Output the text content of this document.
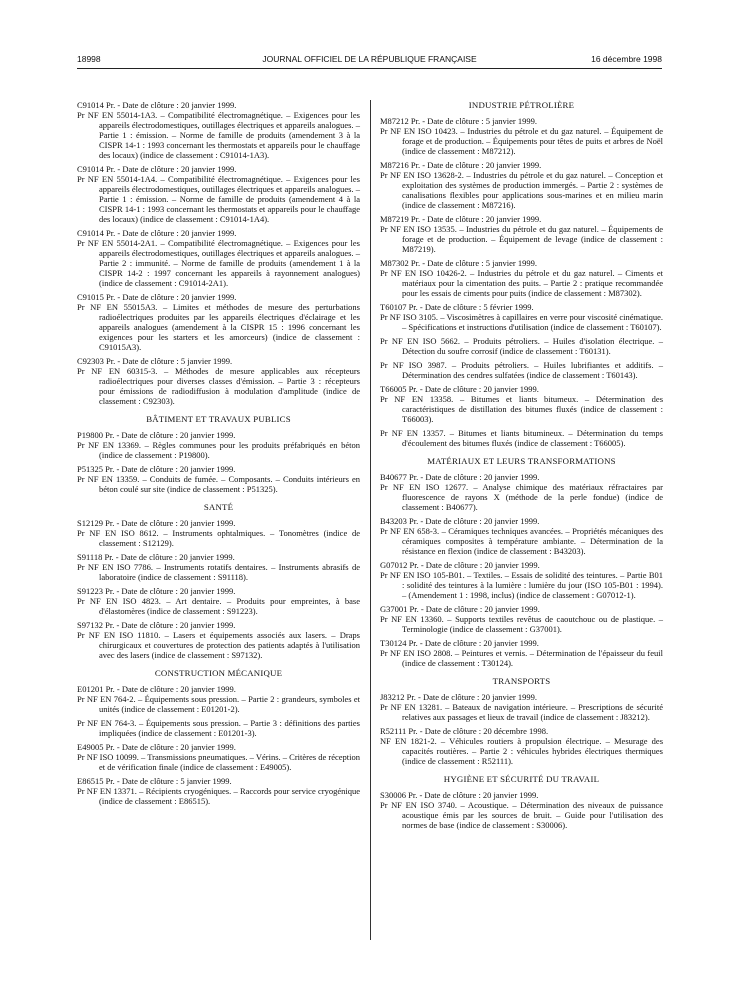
18998	JOURNAL OFFICIEL DE LA RÉPUBLIQUE FRANÇAISE	16 décembre 1998
C91014 Pr. - Date de clôture : 20 janvier 1999.
Pr NF EN 55014-1A3. – Compatibilité électromagnétique. – Exigences pour les appareils électrodomestiques, outillages électriques et appareils analogues. – Partie 1 : émission. – Norme de famille de produits (amendement 3 à la CISPR 14-1 : 1993 concernant les thermostats et appareils pour le chauffage des locaux) (indice de classement : C91014-1A3).
C91014 Pr. - Date de clôture : 20 janvier 1999.
Pr NF EN 55014-1A4. – Compatibilité électromagnétique. – Exigences pour les appareils électrodomestiques, outillages électriques et appareils analogues. – Partie 1 : émission. – Norme de famille de produits (amendement 4 à la CISPR 14-1 : 1993 concernant les thermostats et appareils pour le chauffage des locaux) (indice de classement : C91014-1A4).
C91014 Pr. - Date de clôture : 20 janvier 1999.
Pr NF EN 55014-2A1. – Compatibilité électromagnétique. – Exigences pour les appareils électrodomestiques, outillages électriques et appareils analogues. – Partie 2 : immunité. – Norme de famille de produits (amendement 1 à la CISPR 14-2 : 1997 concernant les appareils à rayonnement analogues) (indice de classement : C91014-2A1).
C91015 Pr. - Date de clôture : 20 janvier 1999.
Pr NF EN 55015A3. – Limites et méthodes de mesure des perturbations radioélectriques produites par les appareils électriques d'éclairage et les appareils analogues (amendement à la CISPR 15 : 1996 concernant les exigences pour les starters et les amorceurs) (indice de classement : C91015A3).
C92303 Pr. - Date de clôture : 5 janvier 1999.
Pr NF EN 60315-3. – Méthodes de mesure applicables aux récepteurs radioélectriques pour diverses classes d'émission. – Partie 3 : récepteurs pour émissions de radiodiffusion à modulation d'amplitude (indice de classement : C92303).
BÂTIMENT ET TRAVAUX PUBLICS
P19800 Pr. - Date de clôture : 20 janvier 1999.
Pr NF EN 13369. – Règles communes pour les produits préfabriqués en béton (indice de classement : P19800).
P51325 Pr. - Date de clôture : 20 janvier 1999.
Pr NF EN 13359. – Conduits de fumée. – Composants. – Conduits intérieurs en béton coulé sur site (indice de classement : P51325).
SANTÉ
S12129 Pr. - Date de clôture : 20 janvier 1999.
Pr NF EN ISO 8612. – Instruments ophtalmiques. – Tonomètres (indice de classement : S12129).
S91118 Pr. - Date de clôture : 20 janvier 1999.
Pr NF EN ISO 7786. – Instruments rotatifs dentaires. – Instruments abrasifs de laboratoire (indice de classement : S91118).
S91223 Pr. - Date de clôture : 20 janvier 1999.
Pr NF EN ISO 4823. – Art dentaire. – Produits pour empreintes, à base d'élastomères (indice de classement : S91223).
S97132 Pr. - Date de clôture : 20 janvier 1999.
Pr NF EN ISO 11810. – Lasers et équipements associés aux lasers. – Draps chirurgicaux et couvertures de protection des patients adaptés à l'utilisation avec des lasers (indice de classement : S97132).
CONSTRUCTION MÉCANIQUE
E01201 Pr. - Date de clôture : 20 janvier 1999.
Pr NF EN 764-2. – Équipements sous pression. – Partie 2 : grandeurs, symboles et unités (indice de classement : E01201-2).
Pr NF EN 764-3. – Équipements sous pression. – Partie 3 : définitions des parties impliquées (indice de classement : E01201-3).
E49005 Pr. - Date de clôture : 20 janvier 1999.
Pr NF ISO 10099. – Transmissions pneumatiques. – Vérins. – Critères de réception et de vérification finale (indice de classement : E49005).
E86515 Pr. - Date de clôture : 5 janvier 1999.
Pr NF EN 13371. – Récipients cryogéniques. – Raccords pour service cryogénique (indice de classement : E86515).
INDUSTRIE PÉTROLIÈRE
M87212 Pr. - Date de clôture : 5 janvier 1999.
Pr NF EN ISO 10423. – Industries du pétrole et du gaz naturel. – Équipement de forage et de production. – Équipements pour têtes de puits et arbres de Noël (indice de classement : M87212).
M87216 Pr. - Date de clôture : 20 janvier 1999.
Pr NF EN ISO 13628-2. – Industries du pétrole et du gaz naturel. – Conception et exploitation des systèmes de production immergés. – Partie 2 : systèmes de canalisations flexibles pour applications sous-marines et en milieu marin (indice de classement : M87216).
M87219 Pr. - Date de clôture : 20 janvier 1999.
Pr NF EN ISO 13535. – Industries du pétrole et du gaz naturel. – Équipements de forage et de production. – Équipement de levage (indice de classement : M87219).
M87302 Pr. - Date de clôture : 5 janvier 1999.
Pr NF EN ISO 10426-2. – Industries du pétrole et du gaz naturel. – Ciments et matériaux pour la cimentation des puits. – Partie 2 : pratique recommandée pour les essais de ciments pour puits (indice de classement : M87302).
T60107 Pr. - Date de clôture : 5 février 1999.
Pr NF ISO 3105. – Viscosimètres à capillaires en verre pour viscosité cinématique. – Spécifications et instructions d'utilisation (indice de classement : T60107).
Pr NF EN ISO 5662. – Produits pétroliers. – Huiles d'isolation électrique. – Détection du soufre corrosif (indice de classement : T60131).
Pr NF ISO 3987. – Produits pétroliers. – Huiles lubrifiantes et additifs. – Détermination des cendres sulfatées (indice de classement : T60143).
T66005 Pr. - Date de clôture : 20 janvier 1999.
Pr NF EN 13358. – Bitumes et liants bitumeux. – Détermination des caractéristiques de distillation des bitumes fluxés (indice de classement : T66003).
Pr NF EN 13357. – Bitumes et liants bitumineux. – Détermination du temps d'écoulement des bitumes fluxés (indice de classement : T66005).
MATÉRIAUX ET LEURS TRANSFORMATIONS
B40677 Pr. - Date de clôture : 20 janvier 1999.
Pr NF EN ISO 12677. – Analyse chimique des matériaux réfractaires par fluorescence de rayons X (méthode de la perle fondue) (indice de classement : B40677).
B43203 Pr. - Date de clôture : 20 janvier 1999.
Pr NF EN 658-3. – Céramiques techniques avancées. – Propriétés mécaniques des céramiques composites à température ambiante. – Détermination de la résistance en flexion (indice de classement : B43203).
G07012 Pr. - Date de clôture : 20 janvier 1999.
Pr NF EN ISO 105-B01. – Textiles. – Essais de solidité des teintures. – Partie B01 : solidité des teintures à la lumière : lumière du jour (ISO 105-B01 : 1994). – (Amendement 1 : 1998, inclus) (indice de classement : G07012-1).
G37001 Pr. - Date de clôture : 20 janvier 1999.
Pr NF EN 13360. – Supports textiles revêtus de caoutchouc ou de plastique. – Terminologie (indice de classement : G37001).
T30124 Pr. - Date de clôture : 20 janvier 1999.
Pr NF EN ISO 2808. – Peintures et vernis. – Détermination de l'épaisseur du feuil (indice de classement : T30124).
TRANSPORTS
J83212 Pr. - Date de clôture : 20 janvier 1999.
Pr NF EN 13281. – Bateaux de navigation intérieure. – Prescriptions de sécurité relatives aux passages et lieux de travail (indice de classement : J83212).
R52111 Pr. - Date de clôture : 20 décembre 1998.
NF EN 1821-2. – Véhicules routiers à propulsion électrique. – Mesurage des capacités routières. – Partie 2 : véhicules hybrides électriques thermiques (indice de classement : R52111).
HYGIÈNE ET SÉCURITÉ DU TRAVAIL
S30006 Pr. - Date de clôture : 20 janvier 1999.
Pr NF EN ISO 3740. – Acoustique. – Détermination des niveaux de puissance acoustique émis par les sources de bruit. – Guide pour l'utilisation des normes de base (indice de classement : S30006).
